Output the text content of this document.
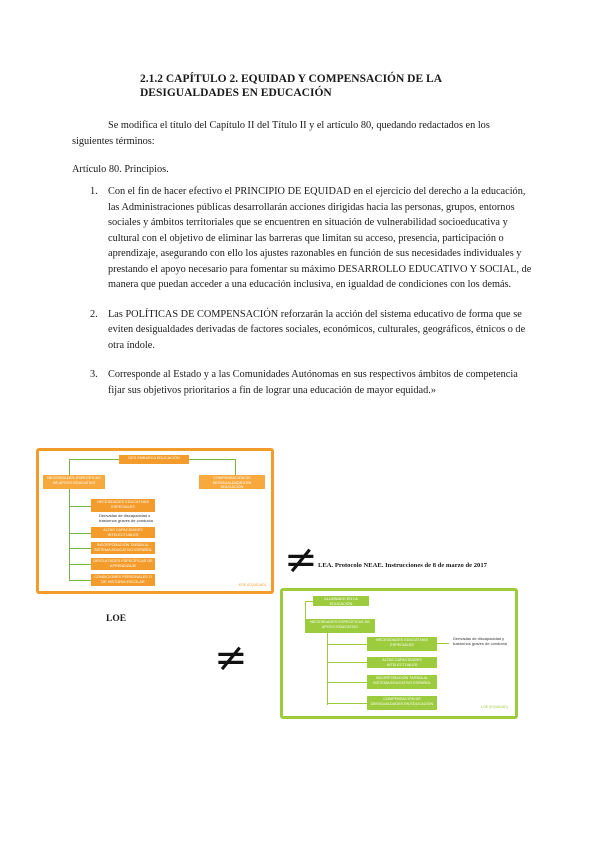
2.1.2 CAPÍTULO 2. EQUIDAD Y COMPENSACIÓN DE LA DESIGUALDADES EN EDUCACIÓN
Se modifica el título del Capítulo II del Título II y el artículo 80, quedando redactados en los siguientes términos:
Artículo 80. Principios.
1. Con el fin de hacer efectivo el PRINCIPIO DE EQUIDAD en el ejercicio del derecho a la educación, las Administraciones públicas desarrollarán acciones dirigidas hacia las personas, grupos, entornos sociales y ámbitos territoriales que se encuentren en situación de vulnerabilidad socioeducativa y cultural con el objetivo de eliminar las barreras que limitan su acceso, presencia, participación o aprendizaje, asegurando con ello los ajustes razonables en función de sus necesidades individuales y prestando el apoyo necesario para fomentar su máximo DESARROLLO EDUCATIVO Y SOCIAL, de manera que puedan acceder a una educación inclusiva, en igualdad de condiciones con los demás.
2. Las POLÍTICAS DE COMPENSACIÓN reforzarán la acción del sistema educativo de forma que se eviten desigualdades derivadas de factores sociales, económicos, culturales, geográficos, étnicos o de otra índole.
3. Corresponde al Estado y a las Comunidades Autónomas en sus respectivos ámbitos de competencia fijar sus objetivos prioritarios a fin de lograr una educación de mayor equidad.»
DES EMBARCA EDUCACIÓN
NECESIDADES ESPECÍFICAS DE APOYO EDUCATIVO
COMPENSACIÓN DE DESIGUALDADES EN EDUCACIÓN
NECESIDADES EDUCATIVAS ESPECIALES
Derivadas de discapacidad o trastornos graves de conducta
ALTAS CAPACIDADES INTELECTUALES
INCORPORACIÓN TARDÍA AL SISTEMA EDUCATIVO ESPAÑOL
DIFICULTADES ESPECÍFICAS DE APRENDIZAJE
CONDICIONES PERSONALES O DE HISTORIA ESCOLAR
ESE (EQUIDAD)
≠ LEA. Protocolo NEAE. Instrucciones de 8 de marzo de 2017
LOE
≠
ALUMNADO EN LA EDUCACIÓN
NECESIDADES ESPECÍFICAS DE APOYO EDUCATIVO
NECESIDADES EDUCATIVAS ESPECIALES
Derivadas de discapacidad y trastornos graves de conducta
ALTAS CAPACIDADES INTELECTUALES
INCORPORACIÓN TARDÍA AL SISTEMA EDUCATIVO ESPAÑOL
COMPENSACIÓN DE DESIGUALDADES EN EDUCACIÓN
LOE (EQUIDAD)
